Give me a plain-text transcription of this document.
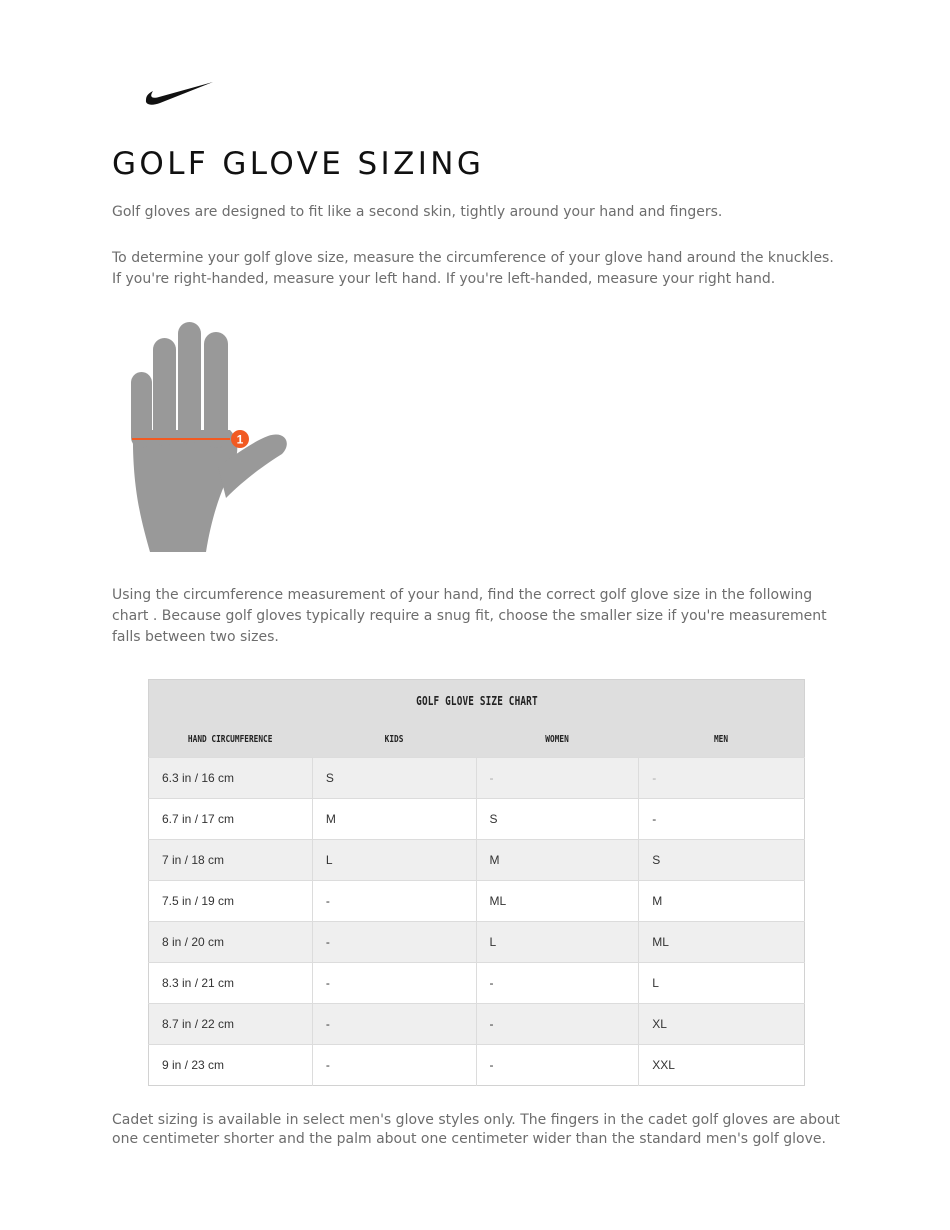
GOLF GLOVE SIZING

Golf gloves are designed to fit like a second skin, tightly around your hand and fingers.

To determine your golf glove size, measure the circumference of your glove hand around the knuckles. If you're right-handed, measure your left hand. If you're left-handed, measure your right hand.

1

Using the circumference measurement of your hand, find the correct golf glove size in the following chart . Because golf gloves typically require a snug fit, choose the smaller size if you're measurement falls between two sizes.

GOLF GLOVE SIZE CHART			
HAND CIRCUMFERENCE	KIDS	WOMEN	MEN
6.3 in / 16 cm	S	-	-
6.7 in / 17 cm	M	S	-
7 in / 18 cm	L	M	S
7.5 in / 19 cm	-	ML	M
8 in / 20 cm	-	L	ML
8.3 in / 21 cm	-	-	L
8.7 in / 22 cm	-	-	XL
9 in / 23 cm	-	-	XXL

Cadet sizing is available in select men's glove styles only. The fingers in the cadet golf gloves are about one centimeter shorter and the palm about one centimeter wider than the standard men's golf glove.
